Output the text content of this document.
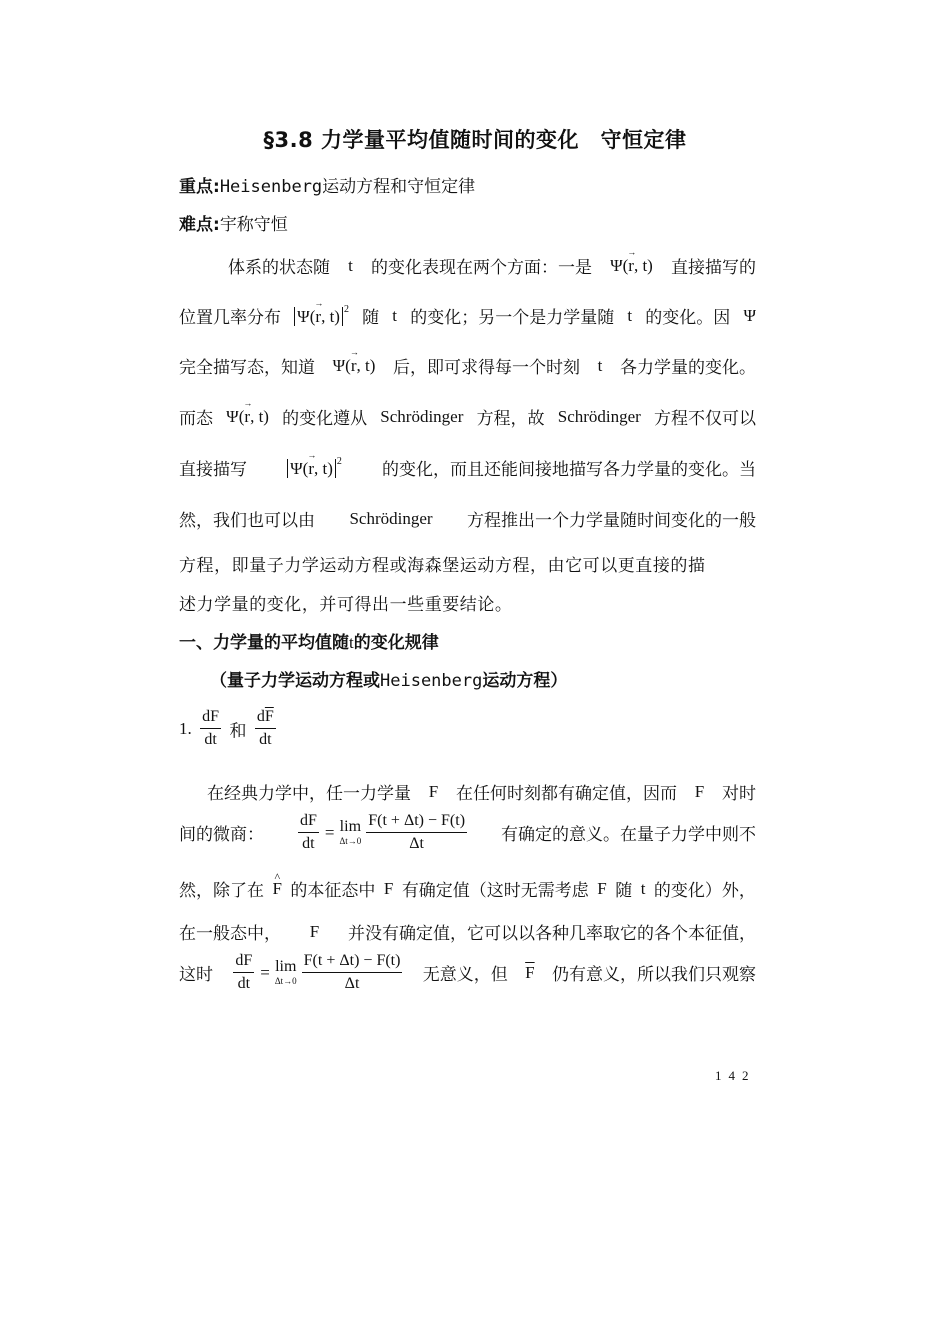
§3.8 力学量平均值随时间的变化　守恒定律
重点:Heisenberg运动方程和守恒定律
难点:宇称守恒
体系的状态随 t 的变化表现在两个方面：一是 Ψ(→ r, t) 直接描写的
位置几率分布 Ψ(→ r, t) $^2$ 随 t 的变化；另一个是力学量随 t 的变化。因 Ψ
完全描写态，知道 Ψ(→ r, t) 后，即可求得每一个时刻 t 各力学量的变化。
而态 Ψ(→ r, t) 的变化遵从 Schrödinger 方程，故 Schrödinger 方程不仅可以
直接描写	Ψ(→ r, t) $^2$ 的变化，而且还能间接地描写各力学量的变化。当
然，我们也可以由 Schrödinger 方程推出一个力学量随时间变化的一般
方程，即量子力学运动方程或海森堡运动方程，由它可以更直接的描
述力学量的变化，并可得出一些重要结论。
一、力学量的平均值随t的变化规律
（量子力学运动方程或Heisenberg运动方程）
1. $\frac{dF}{dt}$ 和 $\frac{d\overline{F}}{dt}$
在经典力学中，任一力学量 F 在任何时刻都有确定值，因而 F 对时
间的微商： $\frac{dF}{dt} = \lim$
$\Delta t\to 0 \frac{F(t + \Delta t) - F(t)}{\Delta t}$ 有确定的意义。在量子力学中则不
然，除了在 ^ F 的本征态中 F 有确定值（这时无需考虑 F 随 t 的变化）外，
在一般态中， F 并没有确定值，它可以以各种几率取它的各个本征值，
这时 $\frac{dF}{dt} = \lim$
$\Delta t\to 0 \frac{F(t + \Delta t) - F(t)}{\Delta t}$ 无意义，但 $\overline{F}$ 仍有意义，所以我们只观察
142
